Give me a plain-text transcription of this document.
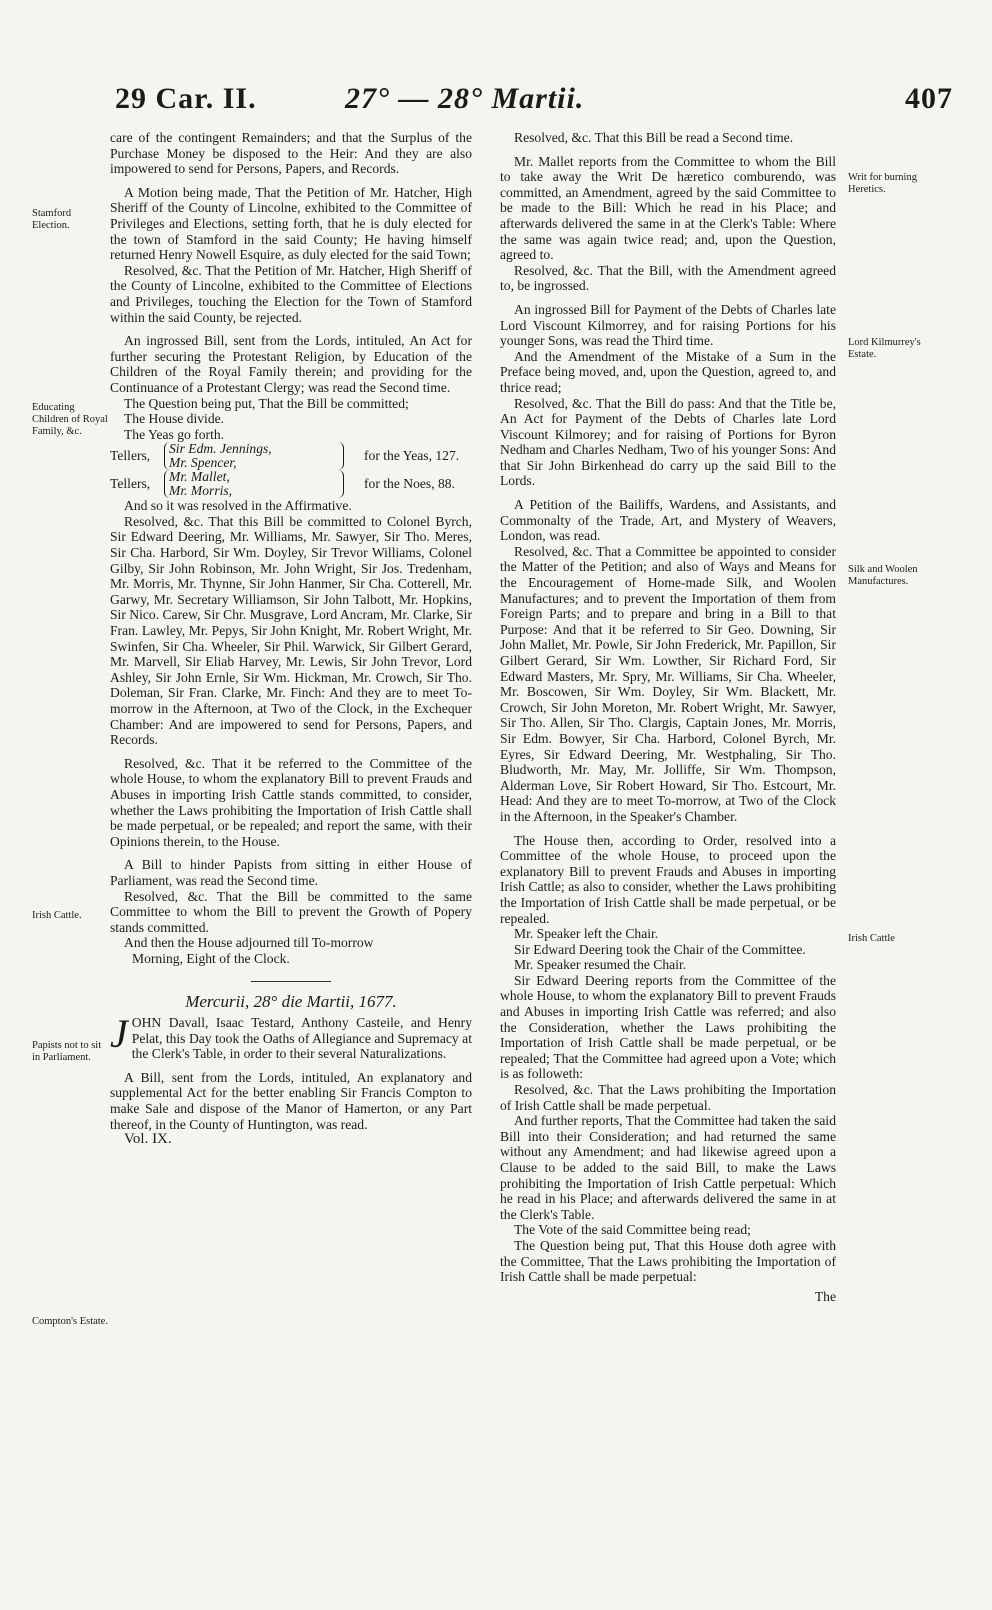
29 Car. II.	27° — 28° Martii.	407
Stamford Election.
Educating Children of Royal Family, &c.
Irish Cattle.
Papists not to sit in Parliament.
Compton's Estate.
Writ for burning Heretics.
Lord Kilmurrey's Estate.
Silk and Woolen Manufactures.
Irish Cattle

care of the contingent Remainders; and that the Surplus of the Purchase Money be disposed to the Heir: And they are also impowered to send for Persons, Papers, and Records.

A Motion being made, That the Petition of Mr. Hatcher, High Sheriff of the County of Lincolne, exhibited to the Committee of Privileges and Elections, setting forth, that he is duly elected for the town of Stamford in the said County; He having himself returned Henry Nowell Esquire, as duly elected for the said Town;

Resolved, &c. That the Petition of Mr. Hatcher, High Sheriff of the County of Lincolne, exhibited to the Committee of Elections and Privileges, touching the Election for the Town of Stamford within the said County, be rejected.

An ingrossed Bill, sent from the Lords, intituled, An Act for further securing the Protestant Religion, by Education of the Children of the Royal Family therein; and providing for the Continuance of a Protestant Clergy; was read the Second time.

The Question being put, That the Bill be committed;

The House divide.

The Yeas go forth.

Tellers,	Sir Edm. Jennings,
Mr. Spencer,	for the Yeas, 127.
Tellers,	Mr. Mallet,
Mr. Morris,	for the Noes, 88.

And so it was resolved in the Affirmative.

Resolved, &c. That this Bill be committed to Colonel Byrch, Sir Edward Deering, Mr. Williams, Mr. Sawyer, Sir Tho. Meres, Sir Cha. Harbord, Sir Wm. Doyley, Sir Trevor Williams, Colonel Gilby, Sir John Robinson, Mr. John Wright, Sir Jos. Tredenham, Mr. Morris, Mr. Thynne, Sir John Hanmer, Sir Cha. Cotterell, Mr. Garwy, Mr. Secretary Williamson, Sir John Talbott, Mr. Hopkins, Sir Nico. Carew, Sir Chr. Musgrave, Lord Ancram, Mr. Clarke, Sir Fran. Lawley, Mr. Pepys, Sir John Knight, Mr. Robert Wright, Mr. Swinfen, Sir Cha. Wheeler, Sir Phil. Warwick, Sir Gilbert Gerard, Mr. Marvell, Sir Eliab Harvey, Mr. Lewis, Sir John Trevor, Lord Ashley, Sir John Ernle, Sir Wm. Hickman, Mr. Crowch, Sir Tho. Doleman, Sir Fran. Clarke, Mr. Finch: And they are to meet To-morrow in the Afternoon, at Two of the Clock, in the Exchequer Chamber: And are impowered to send for Persons, Papers, and Records.

Resolved, &c. That it be referred to the Committee of the whole House, to whom the explanatory Bill to prevent Frauds and Abuses in importing Irish Cattle stands committed, to consider, whether the Laws prohibiting the Importation of Irish Cattle shall be made perpetual, or be repealed; and report the same, with their Opinions therein, to the House.

A Bill to hinder Papists from sitting in either House of Parliament, was read the Second time.

Resolved, &c. That the Bill be committed to the same Committee to whom the Bill to prevent the Growth of Popery stands committed.

And then the House adjourned till To-morrow
Morning, Eight of the Clock.

Mercurii, 28° die Martii, 1677.

J OHN Davall, Isaac Testard, Anthony Casteile, and Henry Pelat, this Day took the Oaths of Allegiance and Supremacy at the Clerk's Table, in order to their several Naturalizations.

A Bill, sent from the Lords, intituled, An explanatory and supplemental Act for the better enabling Sir Francis Compton to make Sale and dispose of the Manor of Hamerton, or any Part thereof, in the County of Huntington, was read.

Vol. IX.

Resolved, &c. That this Bill be read a Second time.

Mr. Mallet reports from the Committee to whom the Bill to take away the Writ De hæretico comburendo, was committed, an Amendment, agreed by the said Committee to be made to the Bill: Which he read in his Place; and afterwards delivered the same in at the Clerk's Table: Where the same was again twice read; and, upon the Question, agreed to.

Resolved, &c. That the Bill, with the Amendment agreed to, be ingrossed.

An ingrossed Bill for Payment of the Debts of Charles late Lord Viscount Kilmorrey, and for raising Portions for his younger Sons, was read the Third time.

And the Amendment of the Mistake of a Sum in the Preface being moved, and, upon the Question, agreed to, and thrice read;

Resolved, &c. That the Bill do pass: And that the Title be, An Act for Payment of the Debts of Charles late Lord Viscount Kilmorey; and for raising of Portions for Byron Nedham and Charles Nedham, Two of his younger Sons: And that Sir John Birkenhead do carry up the said Bill to the Lords.

A Petition of the Bailiffs, Wardens, and Assistants, and Commonalty of the Trade, Art, and Mystery of Weavers, London, was read.

Resolved, &c. That a Committee be appointed to consider the Matter of the Petition; and also of Ways and Means for the Encouragement of Home-made Silk, and Woolen Manufactures; and to prevent the Importation of them from Foreign Parts; and to prepare and bring in a Bill to that Purpose: And that it be referred to Sir Geo. Downing, Sir John Mallet, Mr. Powle, Sir John Frederick, Mr. Papillon, Sir Gilbert Gerard, Sir Wm. Lowther, Sir Richard Ford, Sir Edward Masters, Mr. Spry, Mr. Williams, Sir Cha. Wheeler, Mr. Boscowen, Sir Wm. Doyley, Sir Wm. Blackett, Mr. Crowch, Sir John Moreton, Mr. Robert Wright, Mr. Sawyer, Sir Tho. Allen, Sir Tho. Clargis, Captain Jones, Mr. Morris, Sir Edm. Bowyer, Sir Cha. Harbord, Colonel Byrch, Mr. Eyres, Sir Edward Deering, Mr. Westphaling, Sir Tho. Bludworth, Mr. May, Mr. Jolliffe, Sir Wm. Thompson, Alderman Love, Sir Robert Howard, Sir Tho. Estcourt, Mr. Head: And they are to meet To-morrow, at Two of the Clock in the Afternoon, in the Speaker's Chamber.

The House then, according to Order, resolved into a Committee of the whole House, to proceed upon the explanatory Bill to prevent Frauds and Abuses in importing Irish Cattle; as also to consider, whether the Laws prohibiting the Importation of Irish Cattle shall be made perpetual, or be repealed.

Mr. Speaker left the Chair.

Sir Edward Deering took the Chair of the Committee.

Mr. Speaker resumed the Chair.

Sir Edward Deering reports from the Committee of the whole House, to whom the explanatory Bill to prevent Frauds and Abuses in importing Irish Cattle was referred; and also the Consideration, whether the Laws prohibiting the Importation of Irish Cattle shall be made perpetual, or be repealed; That the Committee had agreed upon a Vote; which is as followeth:

Resolved, &c. That the Laws prohibiting the Importation of Irish Cattle shall be made perpetual.

And further reports, That the Committee had taken the said Bill into their Consideration; and had returned the same without any Amendment; and had likewise agreed upon a Clause to be added to the said Bill, to make the Laws prohibiting the Importation of Irish Cattle perpetual: Which he read in his Place; and afterwards delivered the same in at the Clerk's Table.

The Vote of the said Committee being read;

The Question being put, That this House doth agree with the Committee, That the Laws prohibiting the Importation of Irish Cattle shall be made perpetual:

The
